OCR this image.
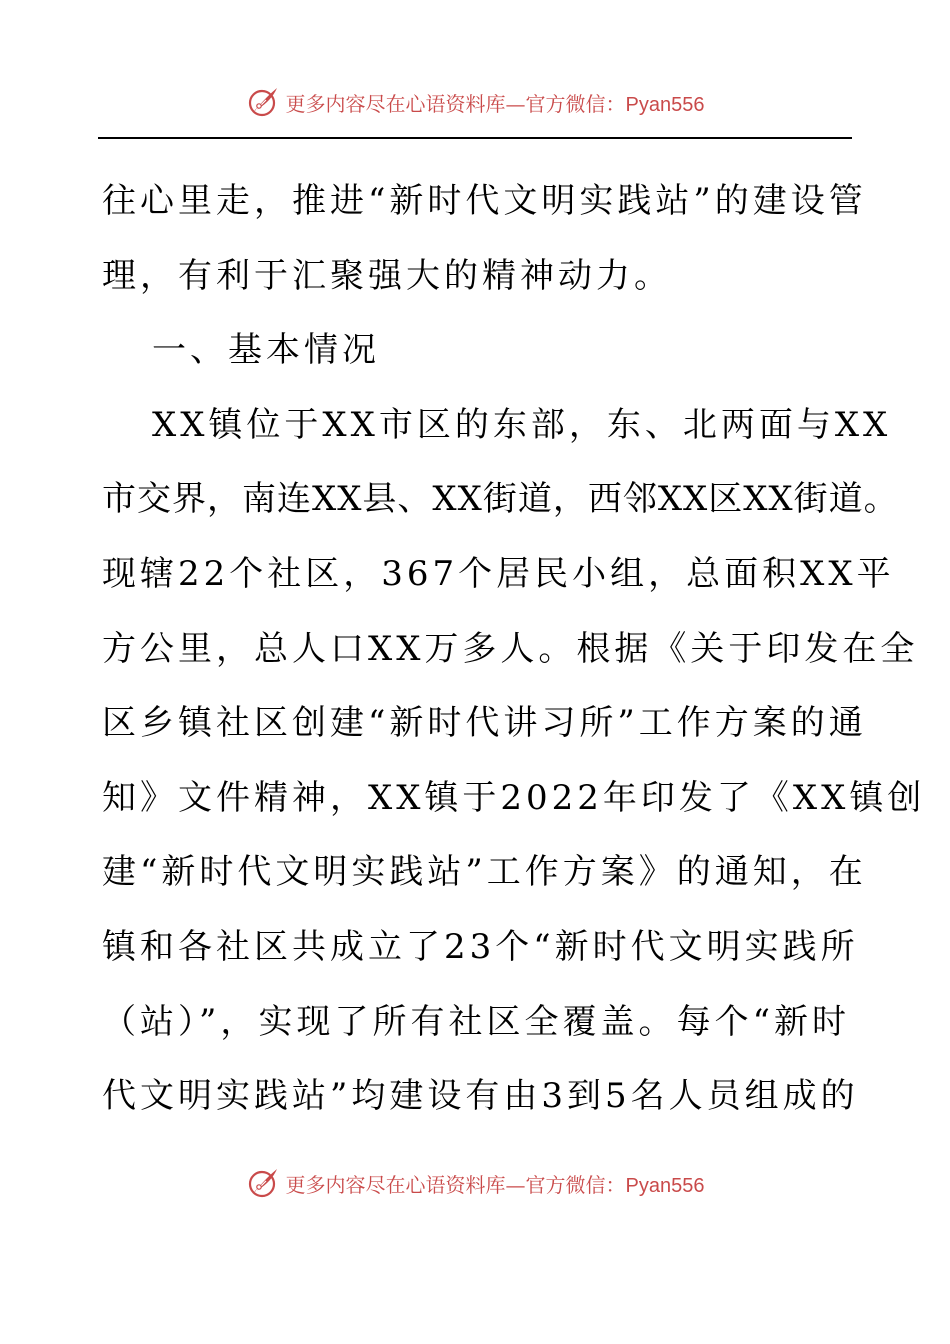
更多内容尽在心语资料库—官方微信：Pyan556
往心里走，推进“新时代文明实践站”的建设管
理，有利于汇聚强大的精神动力。
一、基本情况
XX镇位于XX市区的东部，东、北两面与XX
市交界，南连XX县、XX街道，西邻XX区XX街道。
现辖22个社区，367个居民小组，总面积XX平
方公里，总人口XX万多人。根据《关于印发在全
区乡镇社区创建“新时代讲习所”工作方案的通
知》文件精神，XX镇于2022年印发了《XX镇创
建“新时代文明实践站”工作方案》的通知，在
镇和各社区共成立了23个“新时代文明实践所
（站）”，实现了所有社区全覆盖。每个“新时
代文明实践站”均建设有由3到5名人员组成的
更多内容尽在心语资料库—官方微信：Pyan556
